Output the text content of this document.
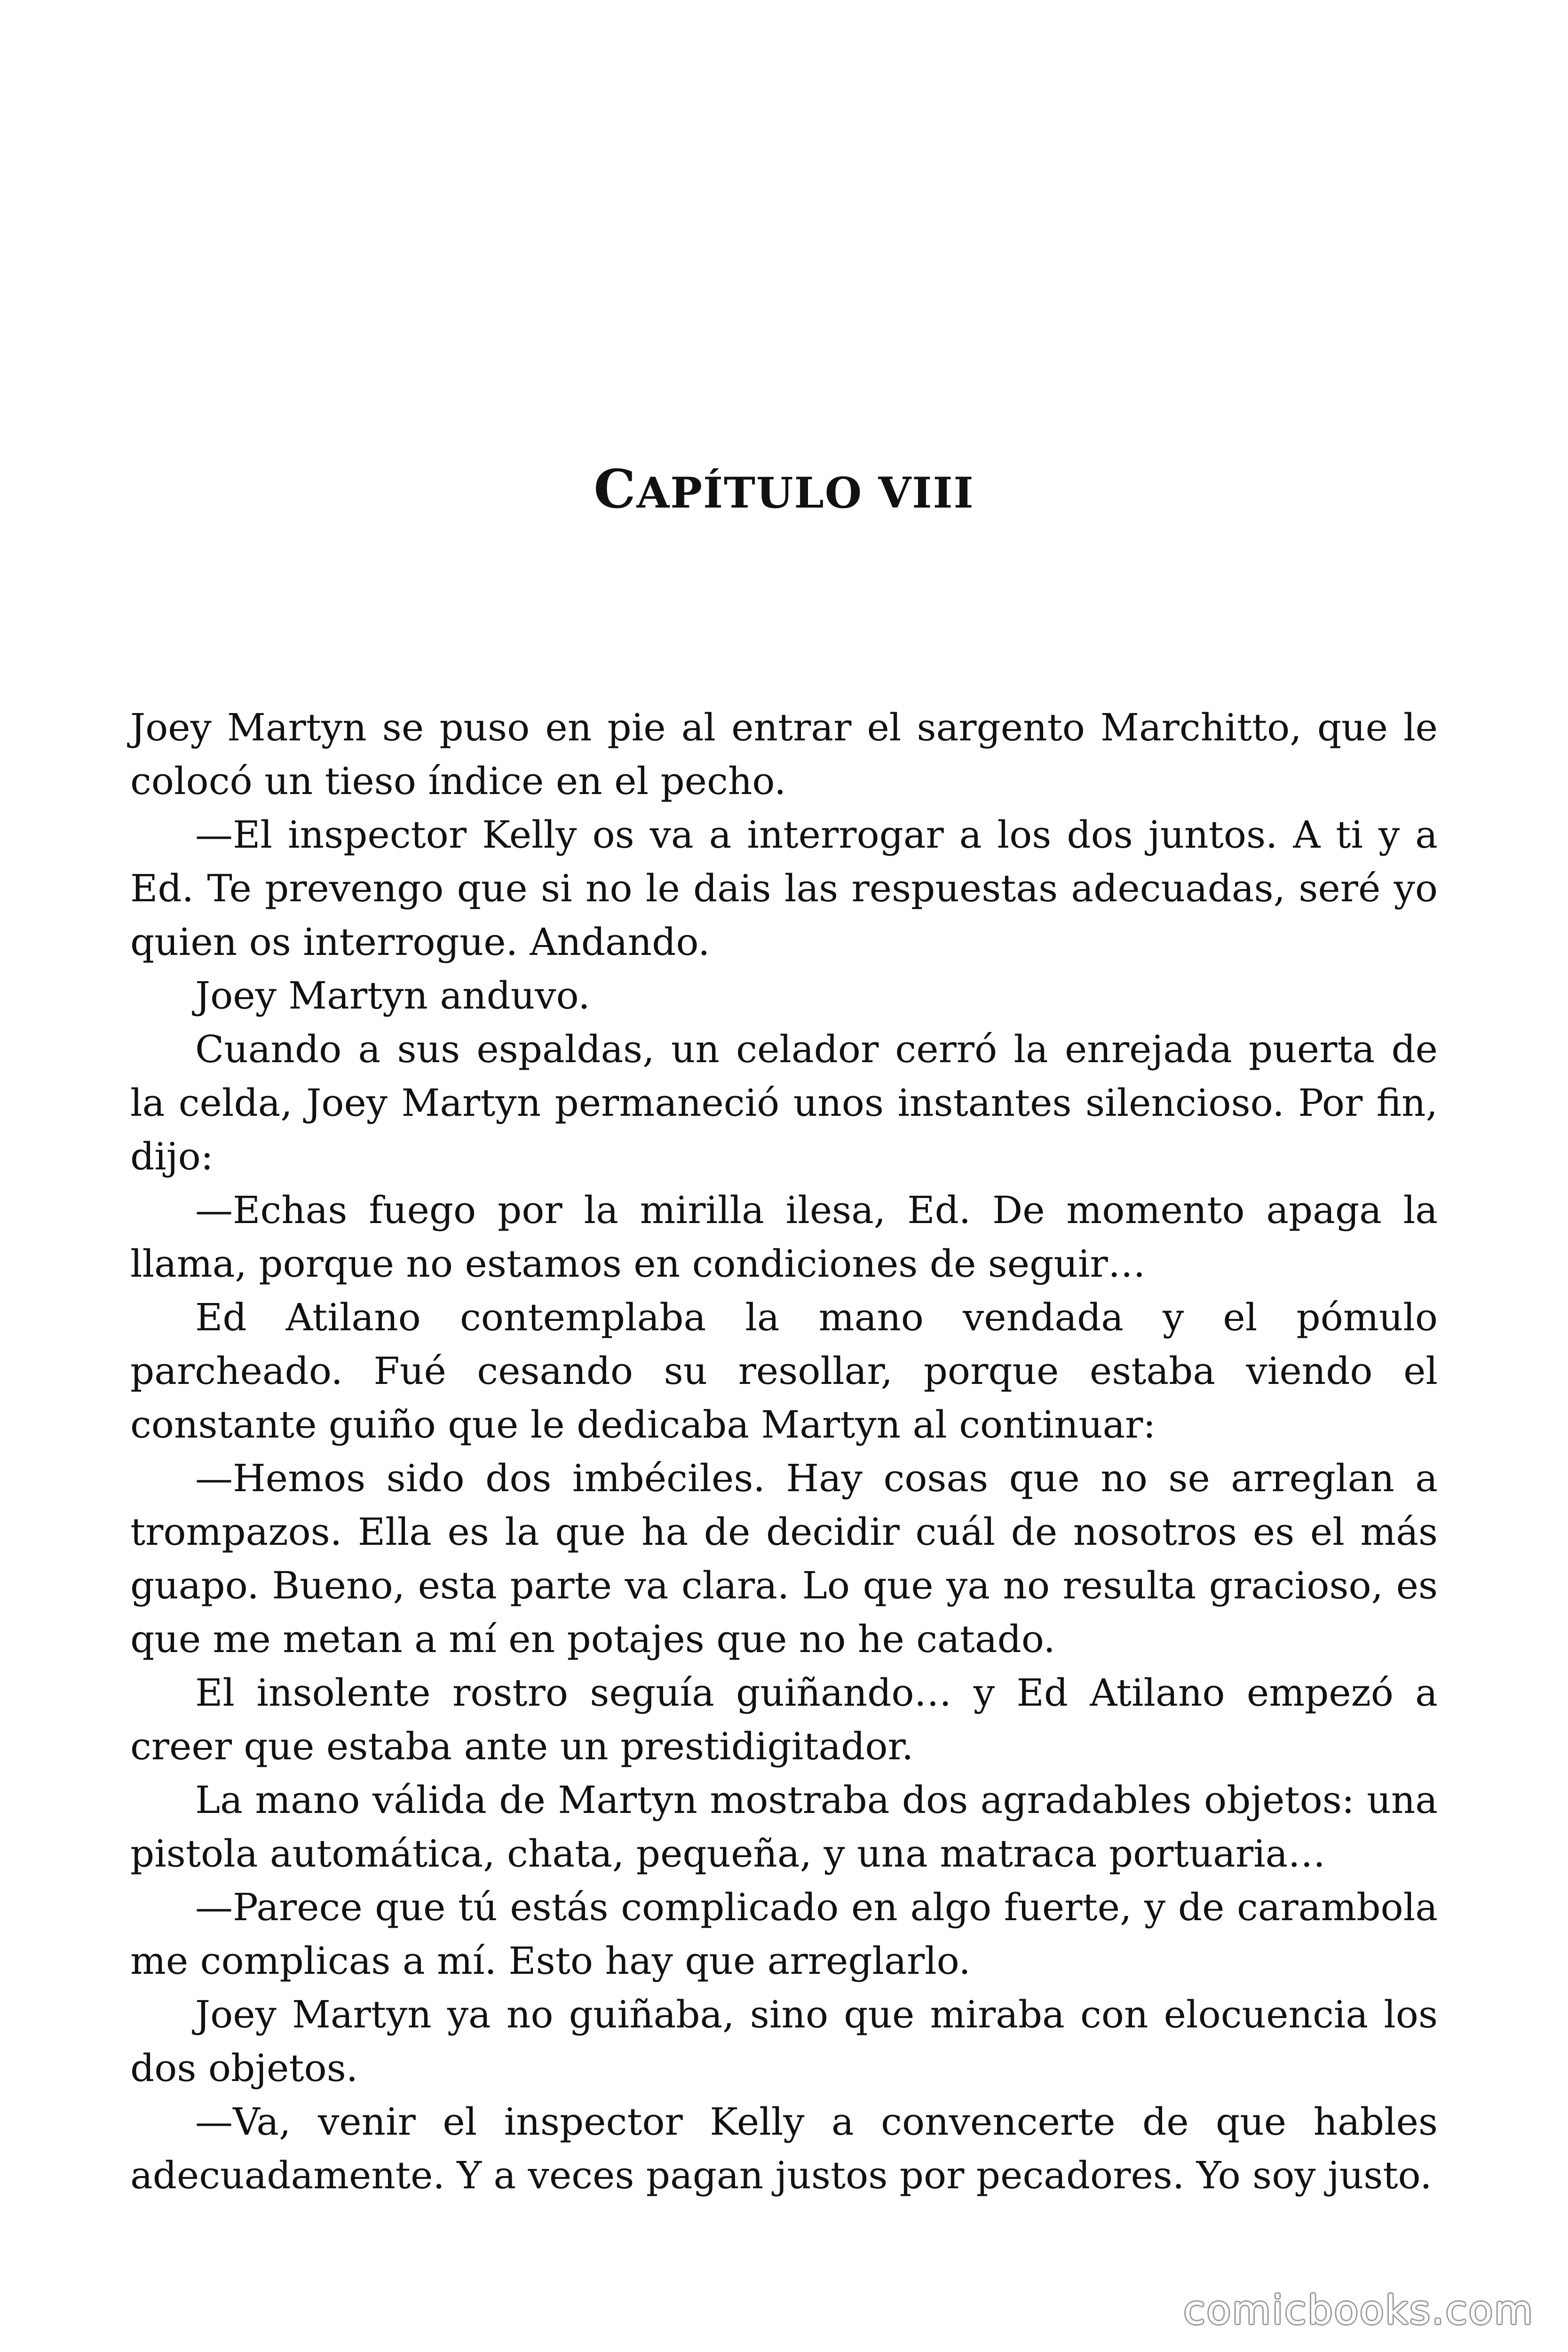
CAPÍTULO VIII

Joey Martyn se puso en pie al entrar el sargento Marchitto, que le colocó un tieso índice en el pecho.

—El inspector Kelly os va a interrogar a los dos juntos. A ti y a Ed. Te prevengo que si no le dais las respuestas adecuadas, seré yo quien os interrogue. Andando.

Joey Martyn anduvo.

Cuando a sus espaldas, un celador cerró la enrejada puerta de la celda, Joey Martyn permaneció unos instantes silencioso. Por fin, dijo:

—Echas fuego por la mirilla ilesa, Ed. De momento apaga la llama, porque no estamos en condiciones de seguir…

Ed Atilano contemplaba la mano vendada y el pómulo parcheado. Fué cesando su resollar, porque estaba viendo el constante guiño que le dedicaba Martyn al continuar:

—Hemos sido dos imbéciles. Hay cosas que no se arreglan a trompazos. Ella es la que ha de decidir cuál de nosotros es el más guapo. Bueno, esta parte va clara. Lo que ya no resulta gracioso, es que me metan a mí en potajes que no he catado.

El insolente rostro seguía guiñando… y Ed Atilano empezó a creer que estaba ante un prestidigitador.

La mano válida de Martyn mostraba dos agradables objetos: una pistola automática, chata, pequeña, y una matraca portuaria…

—Parece que tú estás complicado en algo fuerte, y de carambola me complicas a mí. Esto hay que arreglarlo.

Joey Martyn ya no guiñaba, sino que miraba con elocuencia los dos objetos.

—Va, venir el inspector Kelly a convencerte de que hables adecuadamente. Y a veces pagan justos por pecadores. Yo soy justo.

comicbooks.com
